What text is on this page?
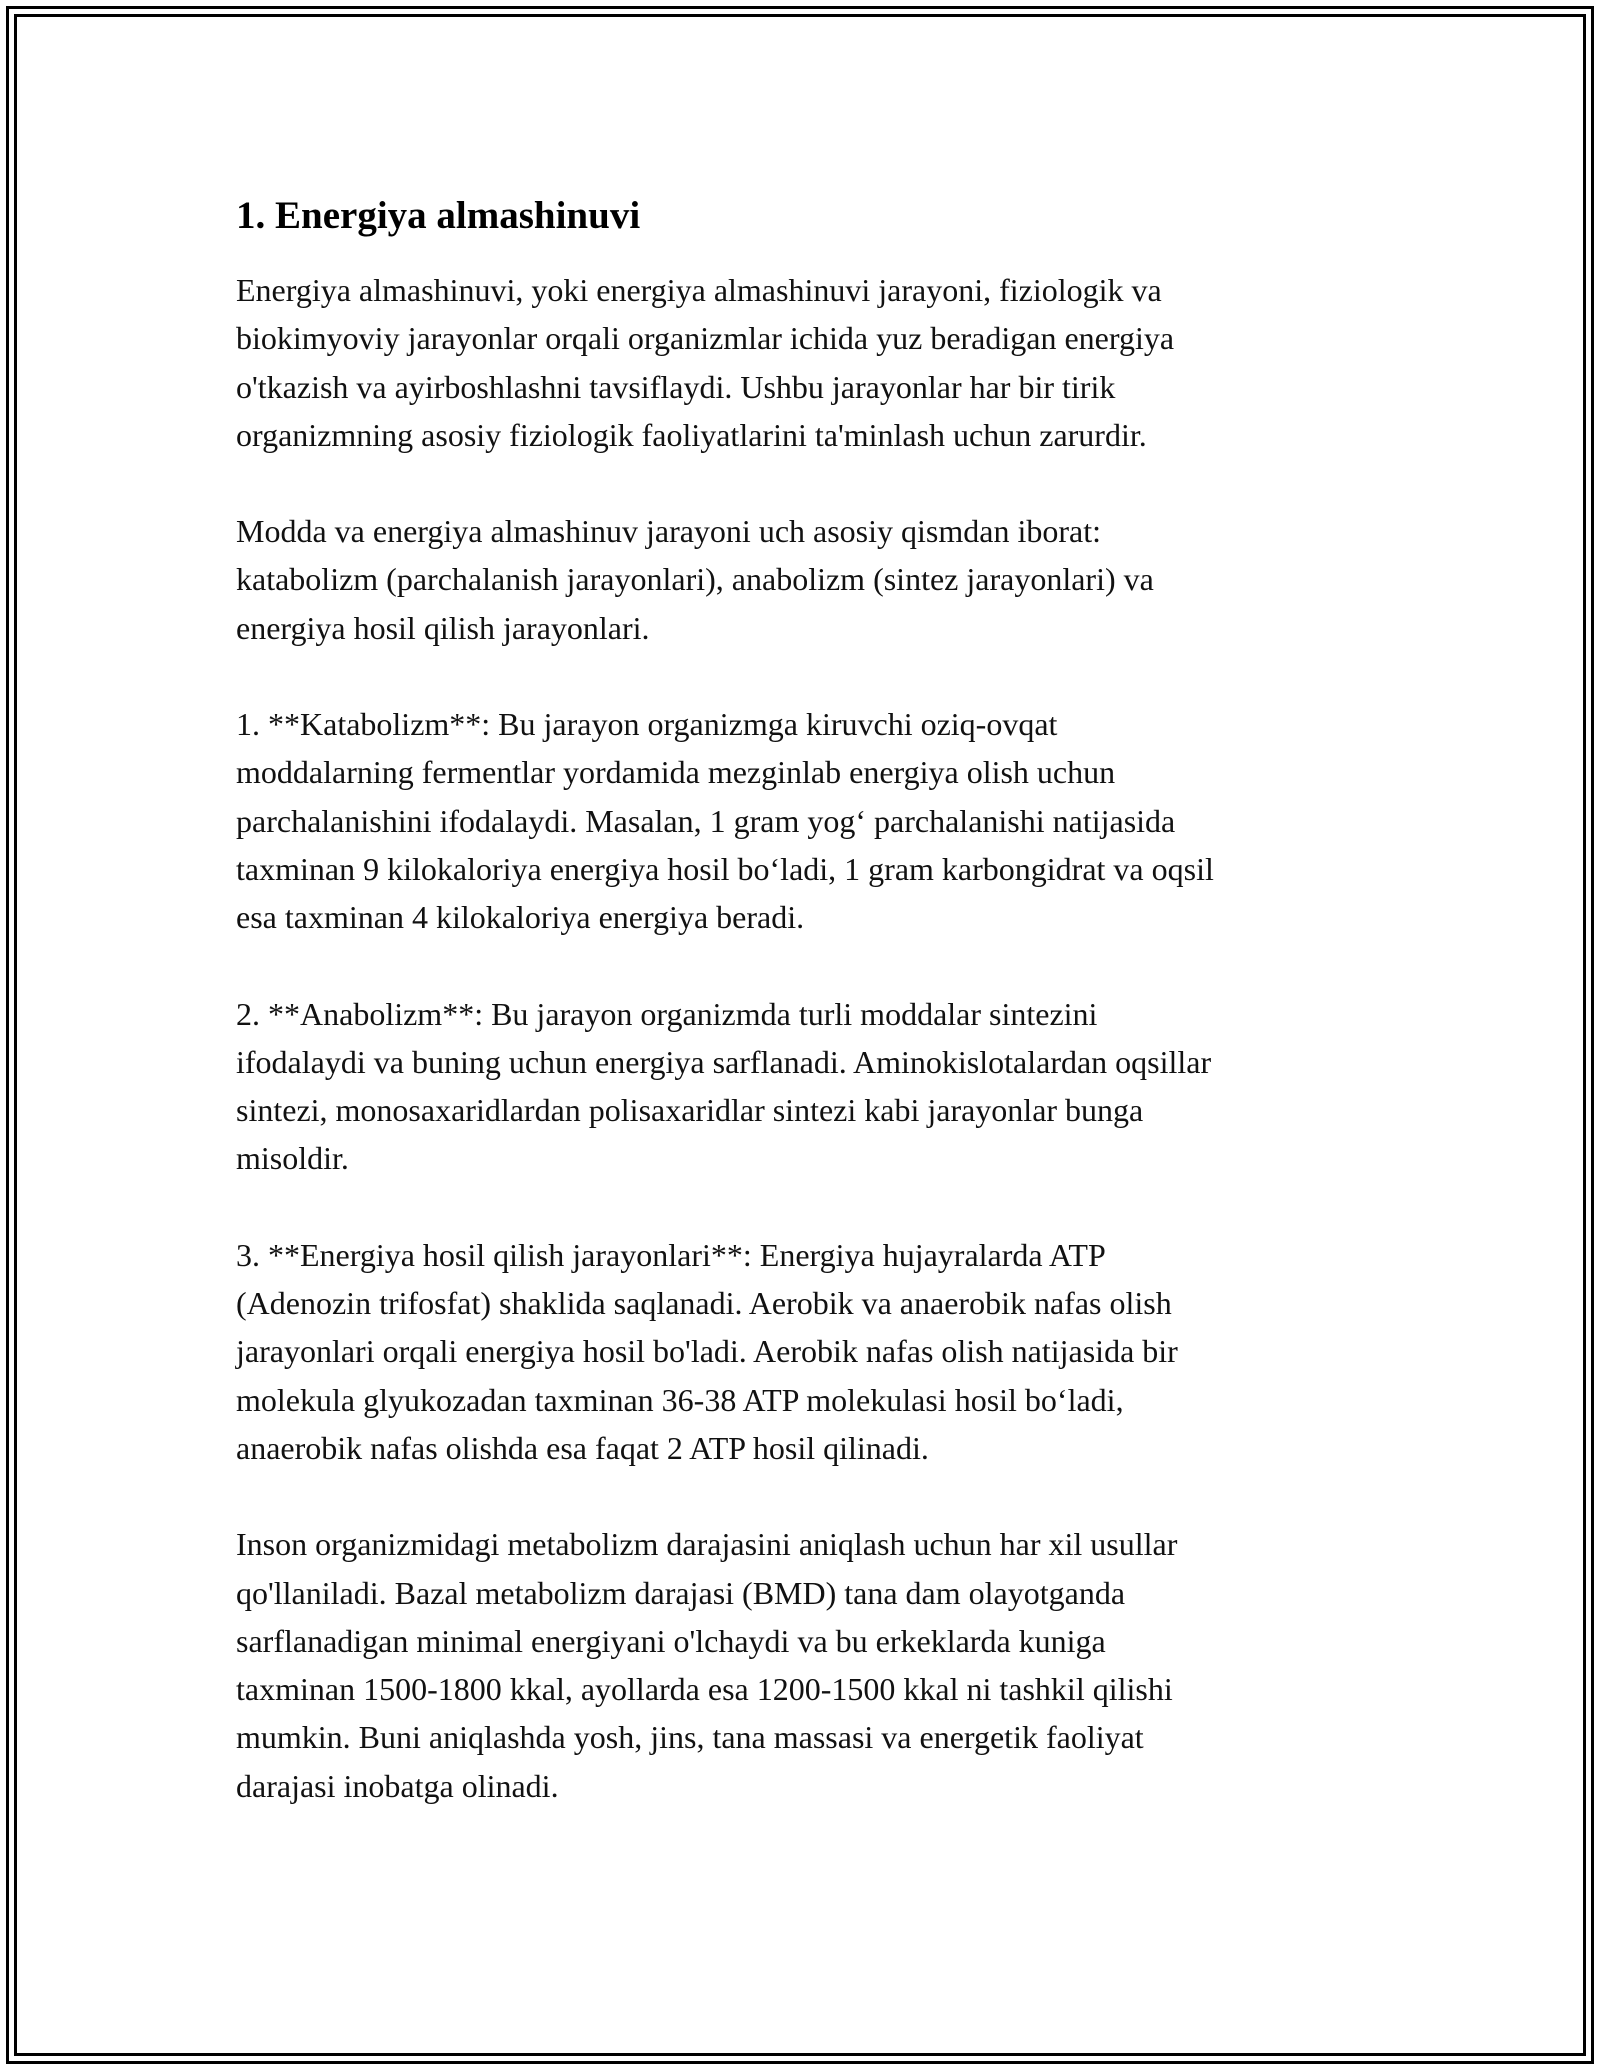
1. Energiya almashinuvi

Energiya almashinuvi, yoki energiya almashinuvi jarayoni, fiziologik va
biokimyoviy jarayonlar orqali organizmlar ichida yuz beradigan energiya
o'tkazish va ayirboshlashni tavsiflaydi. Ushbu jarayonlar har bir tirik
organizmning asosiy fiziologik faoliyatlarini ta'minlash uchun zarurdir.

Modda va energiya almashinuv jarayoni uch asosiy qismdan iborat:
katabolizm (parchalanish jarayonlari), anabolizm (sintez jarayonlari) va
energiya hosil qilish jarayonlari.

1. **Katabolizm**: Bu jarayon organizmga kiruvchi oziq-ovqat
moddalarning fermentlar yordamida mezginlab energiya olish uchun
parchalanishini ifodalaydi. Masalan, 1 gram yog‘ parchalanishi natijasida
taxminan 9 kilokaloriya energiya hosil bo‘ladi, 1 gram karbongidrat va oqsil
esa taxminan 4 kilokaloriya energiya beradi.

2. **Anabolizm**: Bu jarayon organizmda turli moddalar sintezini
ifodalaydi va buning uchun energiya sarflanadi. Aminokislotalardan oqsillar
sintezi, monosaxaridlardan polisaxaridlar sintezi kabi jarayonlar bunga
misoldir.

3. **Energiya hosil qilish jarayonlari**: Energiya hujayralarda ATP
(Adenozin trifosfat) shaklida saqlanadi. Aerobik va anaerobik nafas olish
jarayonlari orqali energiya hosil bo'ladi. Aerobik nafas olish natijasida bir
molekula glyukozadan taxminan 36-38 ATP molekulasi hosil bo‘ladi,
anaerobik nafas olishda esa faqat 2 ATP hosil qilinadi.

Inson organizmidagi metabolizm darajasini aniqlash uchun har xil usullar
qo'llaniladi. Bazal metabolizm darajasi (BMD) tana dam olayotganda
sarflanadigan minimal energiyani o'lchaydi va bu erkeklarda kuniga
taxminan 1500-1800 kkal, ayollarda esa 1200-1500 kkal ni tashkil qilishi
mumkin. Buni aniqlashda yosh, jins, tana massasi va energetik faoliyat
darajasi inobatga olinadi.
